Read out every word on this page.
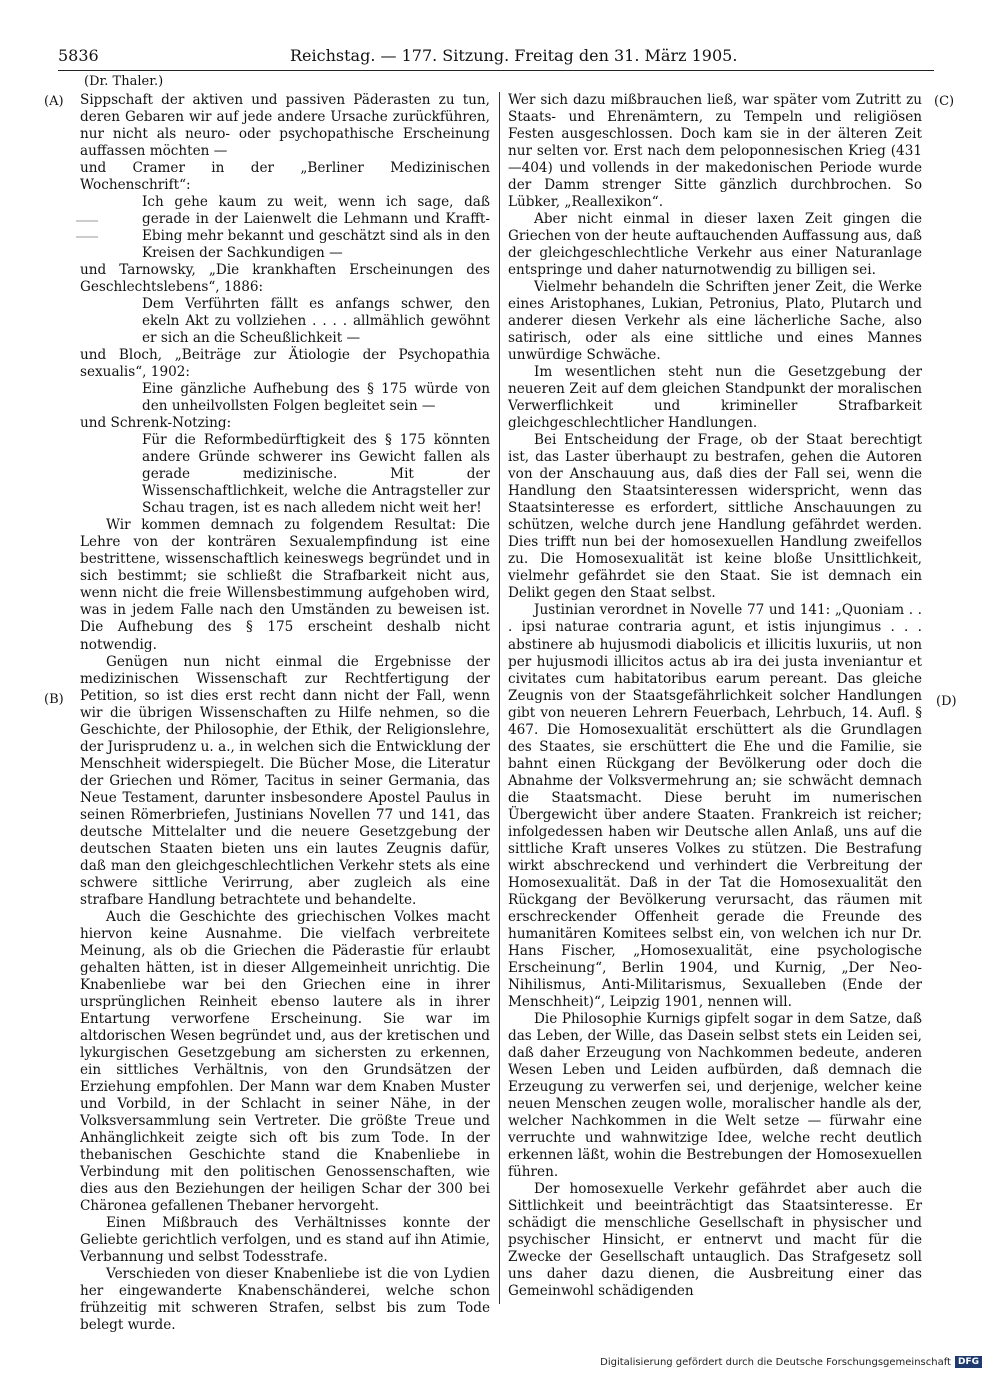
5836	Reichstag. — 177. Sitzung. Freitag den 31. März 1905.
(Dr. Thaler.)
(A)
(B)
(C)
(D)

Sippschaft der aktiven und passiven Päderasten zu tun, deren Gebaren wir auf jede andere Ursache zurückführen, nur nicht als neuro- oder psychopathische Erscheinung auffassen möchten —

und Cramer in der „Berliner Medizinischen Wochenschrift“:

Ich gehe kaum zu weit, wenn ich sage, daß gerade in der Laienwelt die Lehmann und Krafft-Ebing mehr bekannt und geschätzt sind als in den Kreisen der Sachkundigen —

und Tarnowsky, „Die krankhaften Erscheinungen des Geschlechtslebens“, 1886:

Dem Verführten fällt es anfangs schwer, den ekeln Akt zu vollziehen . . . . allmählich gewöhnt er sich an die Scheußlichkeit —

und Bloch, „Beiträge zur Ätiologie der Psychopathia sexualis“, 1902:

Eine gänzliche Aufhebung des § 175 würde von den unheilvollsten Folgen begleitet sein —

und Schrenk-Notzing:

Für die Reformbedürftigkeit des § 175 könnten andere Gründe schwerer ins Gewicht fallen als gerade medizinische. Mit der Wissenschaftlichkeit, welche die Antragsteller zur Schau tragen, ist es nach alledem nicht weit her!

Wir kommen demnach zu folgendem Resultat: Die Lehre von der konträren Sexualempfindung ist eine bestrittene, wissenschaftlich keineswegs begründet und in sich bestimmt; sie schließt die Strafbarkeit nicht aus, wenn nicht die freie Willensbestimmung aufgehoben wird, was in jedem Falle nach den Umständen zu beweisen ist. Die Aufhebung des § 175 erscheint deshalb nicht notwendig.

Genügen nun nicht einmal die Ergebnisse der medizinischen Wissenschaft zur Rechtfertigung der Petition, so ist dies erst recht dann nicht der Fall, wenn wir die übrigen Wissenschaften zu Hilfe nehmen, so die Geschichte, der Philosophie, der Ethik, der Religionslehre, der Jurisprudenz u. a., in welchen sich die Entwicklung der Menschheit widerspiegelt. Die Bücher Mose, die Literatur der Griechen und Römer, Tacitus in seiner Germania, das Neue Testament, darunter insbesondere Apostel Paulus in seinen Römerbriefen, Justinians Novellen 77 und 141, das deutsche Mittelalter und die neuere Gesetzgebung der deutschen Staaten bieten uns ein lautes Zeugnis dafür, daß man den gleichgeschlechtlichen Verkehr stets als eine schwere sittliche Verirrung, aber zugleich als eine strafbare Handlung betrachtete und behandelte.

Auch die Geschichte des griechischen Volkes macht hiervon keine Ausnahme. Die vielfach verbreitete Meinung, als ob die Griechen die Päderastie für erlaubt gehalten hätten, ist in dieser Allgemeinheit unrichtig. Die Knabenliebe war bei den Griechen eine in ihrer ursprünglichen Reinheit ebenso lautere als in ihrer Entartung verworfene Erscheinung. Sie war im altdorischen Wesen begründet und, aus der kretischen und lykurgischen Gesetzgebung am sichersten zu erkennen, ein sittliches Verhältnis, von den Grundsätzen der Erziehung empfohlen. Der Mann war dem Knaben Muster und Vorbild, in der Schlacht in seiner Nähe, in der Volksversammlung sein Vertreter. Die größte Treue und Anhänglichkeit zeigte sich oft bis zum Tode. In der thebanischen Geschichte stand die Knabenliebe in Verbindung mit den politischen Genossenschaften, wie dies aus den Beziehungen der heiligen Schar der 300 bei Chäronea gefallenen Thebaner hervorgeht.

Einen Mißbrauch des Verhältnisses konnte der Geliebte gerichtlich verfolgen, und es stand auf ihn Atimie, Verbannung und selbst Todesstrafe.

Verschieden von dieser Knabenliebe ist die von Lydien her eingewanderte Knabenschänderei, welche schon frühzeitig mit schweren Strafen, selbst bis zum Tode belegt wurde.

Wer sich dazu mißbrauchen ließ, war später vom Zutritt zu Staats- und Ehrenämtern, zu Tempeln und religiösen Festen ausgeschlossen. Doch kam sie in der älteren Zeit nur selten vor. Erst nach dem peloponnesischen Krieg (431—404) und vollends in der makedonischen Periode wurde der Damm strenger Sitte gänzlich durchbrochen. So Lübker, „Reallexikon“.

Aber nicht einmal in dieser laxen Zeit gingen die Griechen von der heute auftauchenden Auffassung aus, daß der gleichgeschlechtliche Verkehr aus einer Naturanlage entspringe und daher naturnotwendig zu billigen sei.

Vielmehr behandeln die Schriften jener Zeit, die Werke eines Aristophanes, Lukian, Petronius, Plato, Plutarch und anderer diesen Verkehr als eine lächerliche Sache, also satirisch, oder als eine sittliche und eines Mannes unwürdige Schwäche.

Im wesentlichen steht nun die Gesetzgebung der neueren Zeit auf dem gleichen Standpunkt der moralischen Verwerflichkeit und krimineller Strafbarkeit gleichgeschlechtlicher Handlungen.

Bei Entscheidung der Frage, ob der Staat berechtigt ist, das Laster überhaupt zu bestrafen, gehen die Autoren von der Anschauung aus, daß dies der Fall sei, wenn die Handlung den Staatsinteressen widerspricht, wenn das Staatsinteresse es erfordert, sittliche Anschauungen zu schützen, welche durch jene Handlung gefährdet werden. Dies trifft nun bei der homosexuellen Handlung zweifellos zu. Die Homosexualität ist keine bloße Unsittlichkeit, vielmehr gefährdet sie den Staat. Sie ist demnach ein Delikt gegen den Staat selbst.

Justinian verordnet in Novelle 77 und 141: „Quoniam . . . ipsi naturae contraria agunt, et istis injungimus . . . abstinere ab hujusmodi diabolicis et illicitis luxuriis, ut non per hujusmodi illicitos actus ab ira dei justa inveniantur et civitates cum habitatoribus earum pereant. Das gleiche Zeugnis von der Staatsgefährlichkeit solcher Handlungen gibt von neueren Lehrern Feuerbach, Lehrbuch, 14. Aufl. § 467. Die Homosexualität erschüttert als die Grundlagen des Staates, sie erschüttert die Ehe und die Familie, sie bahnt einen Rückgang der Bevölkerung oder doch die Abnahme der Volksvermehrung an; sie schwächt demnach die Staatsmacht. Diese beruht im numerischen Übergewicht über andere Staaten. Frankreich ist reicher; infolgedessen haben wir Deutsche allen Anlaß, uns auf die sittliche Kraft unseres Volkes zu stützen. Die Bestrafung wirkt abschreckend und verhindert die Verbreitung der Homosexualität. Daß in der Tat die Homosexualität den Rückgang der Bevölkerung verursacht, das räumen mit erschreckender Offenheit gerade die Freunde des humanitären Komitees selbst ein, von welchen ich nur Dr. Hans Fischer, „Homosexualität, eine psychologische Erscheinung“, Berlin 1904, und Kurnig, „Der Neo-Nihilismus, Anti-Militarismus, Sexualleben (Ende der Menschheit)“, Leipzig 1901, nennen will.

Die Philosophie Kurnigs gipfelt sogar in dem Satze, daß das Leben, der Wille, das Dasein selbst stets ein Leiden sei, daß daher Erzeugung von Nachkommen bedeute, anderen Wesen Leben und Leiden aufbürden, daß demnach die Erzeugung zu verwerfen sei, und derjenige, welcher keine neuen Menschen zeugen wolle, moralischer handle als der, welcher Nachkommen in die Welt setze — fürwahr eine verruchte und wahnwitzige Idee, welche recht deutlich erkennen läßt, wohin die Bestrebungen der Homosexuellen führen.

Der homosexuelle Verkehr gefährdet aber auch die Sittlichkeit und beeinträchtigt das Staatsinteresse. Er schädigt die menschliche Gesellschaft in physischer und psychischer Hinsicht, er entnervt und macht für die Zwecke der Gesellschaft untauglich. Das Strafgesetz soll uns daher dazu dienen, die Ausbreitung einer das Gemeinwohl schädigenden

Digitalisierung gefördert durch die Deutsche Forschungsgemeinschaft DFG
